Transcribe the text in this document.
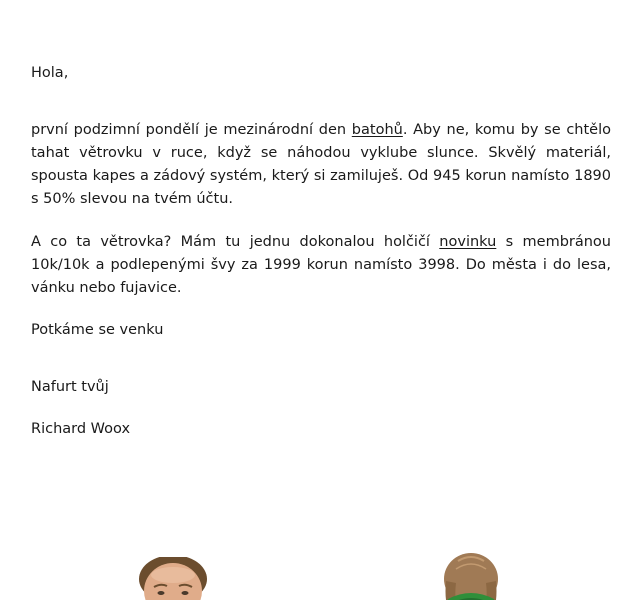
Hola,

první podzimní pondělí je mezinárodní den batohů. Aby ne, komu by se chtělo tahat větrovku v ruce, když se náhodou vyklube slunce. Skvělý materiál, spousta kapes a zádový systém, který si zamiluješ. Od 945 korun namísto 1890 s 50% slevou na tvém účtu.

A co ta větrovka? Mám tu jednu dokonalou holčičí novinku s membránou 10k/10k a podlepenými švy za 1999 korun namísto 3998. Do města i do lesa, vánku nebo fujavice.

Potkáme se venku

Nafurt tvůj

Richard Woox
